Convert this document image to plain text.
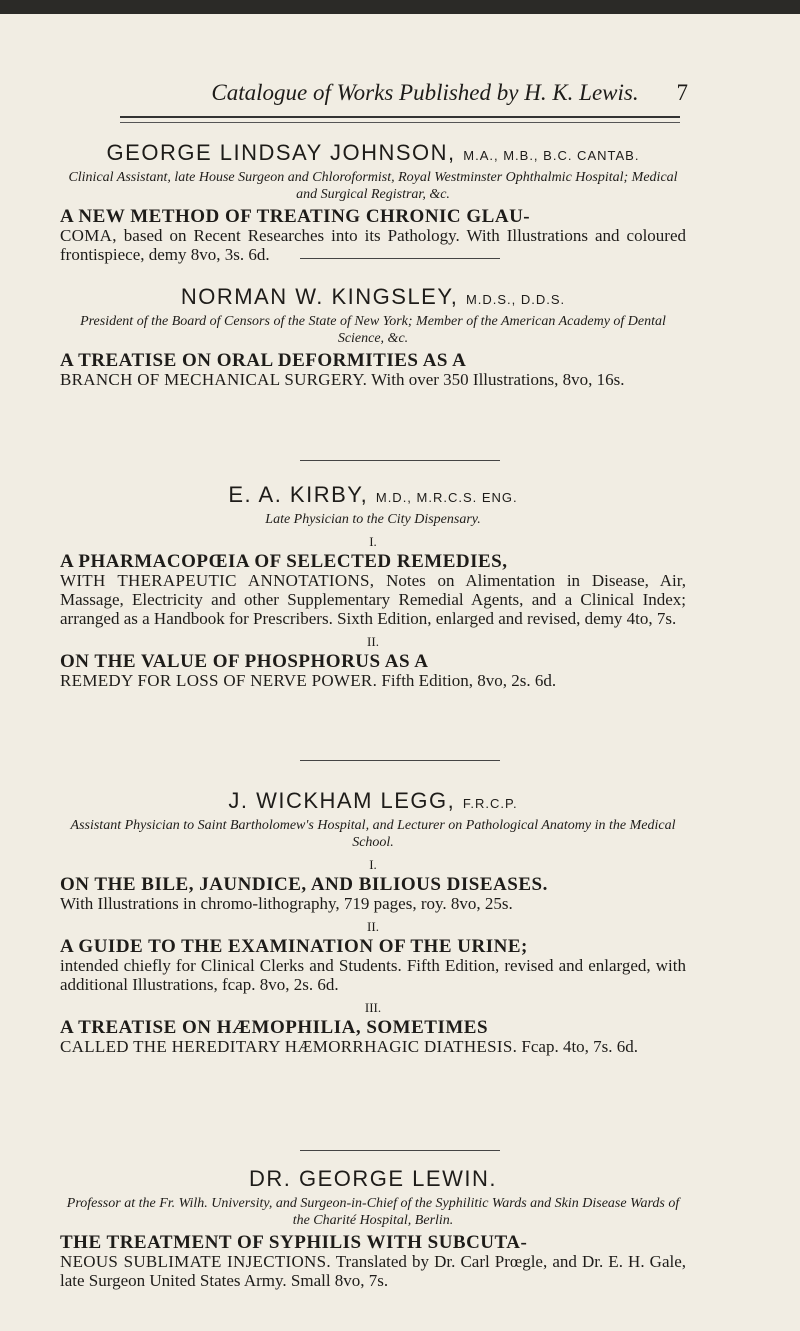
Catalogue of Works Published by H. K. Lewis.	7

GEORGE LINDSAY JOHNSON, M.A., M.B., B.C. CANTAB.

Clinical Assistant, late House Surgeon and Chloroformist, Royal Westminster Ophthalmic Hospital; Medical and Surgical Registrar, &c.

A NEW METHOD OF TREATING CHRONIC GLAU-
COMA, based on Recent Researches into its Pathology. With Illustrations and coloured frontispiece, demy 8vo, 3s. 6d.

NORMAN W. KINGSLEY, M.D.S., D.D.S.

President of the Board of Censors of the State of New York; Member of the American Academy of Dental Science, &c.

A TREATISE ON ORAL DEFORMITIES AS A
BRANCH OF MECHANICAL SURGERY. With over 350 Illustrations, 8vo, 16s.

E. A. KIRBY, M.D., M.R.C.S. ENG.

Late Physician to the City Dispensary.

I.
A PHARMACOPŒIA OF SELECTED REMEDIES,
WITH THERAPEUTIC ANNOTATIONS, Notes on Alimentation in Disease, Air, Massage, Electricity and other Supplementary Remedial Agents, and a Clinical Index; arranged as a Handbook for Prescribers. Sixth Edition, enlarged and revised, demy 4to, 7s.
II.
ON THE VALUE OF PHOSPHORUS AS A
REMEDY FOR LOSS OF NERVE POWER. Fifth Edition, 8vo, 2s. 6d.

J. WICKHAM LEGG, F.R.C.P.

Assistant Physician to Saint Bartholomew's Hospital, and Lecturer on Pathological Anatomy in the Medical School.

I.
ON THE BILE, JAUNDICE, AND BILIOUS DISEASES.
With Illustrations in chromo-lithography, 719 pages, roy. 8vo, 25s.
II.
A GUIDE TO THE EXAMINATION OF THE URINE;
intended chiefly for Clinical Clerks and Students. Fifth Edition, revised and enlarged, with additional Illustrations, fcap. 8vo, 2s. 6d.
III.
A TREATISE ON HÆMOPHILIA, SOMETIMES
CALLED THE HEREDITARY HÆMORRHAGIC DIATHESIS. Fcap. 4to, 7s. 6d.

DR. GEORGE LEWIN.

Professor at the Fr. Wilh. University, and Surgeon-in-Chief of the Syphilitic Wards and Skin Disease Wards of the Charité Hospital, Berlin.

THE TREATMENT OF SYPHILIS WITH SUBCUTA-
NEOUS SUBLIMATE INJECTIONS. Translated by Dr. Carl Prœgle, and Dr. E. H. Gale, late Surgeon United States Army. Small 8vo, 7s.
